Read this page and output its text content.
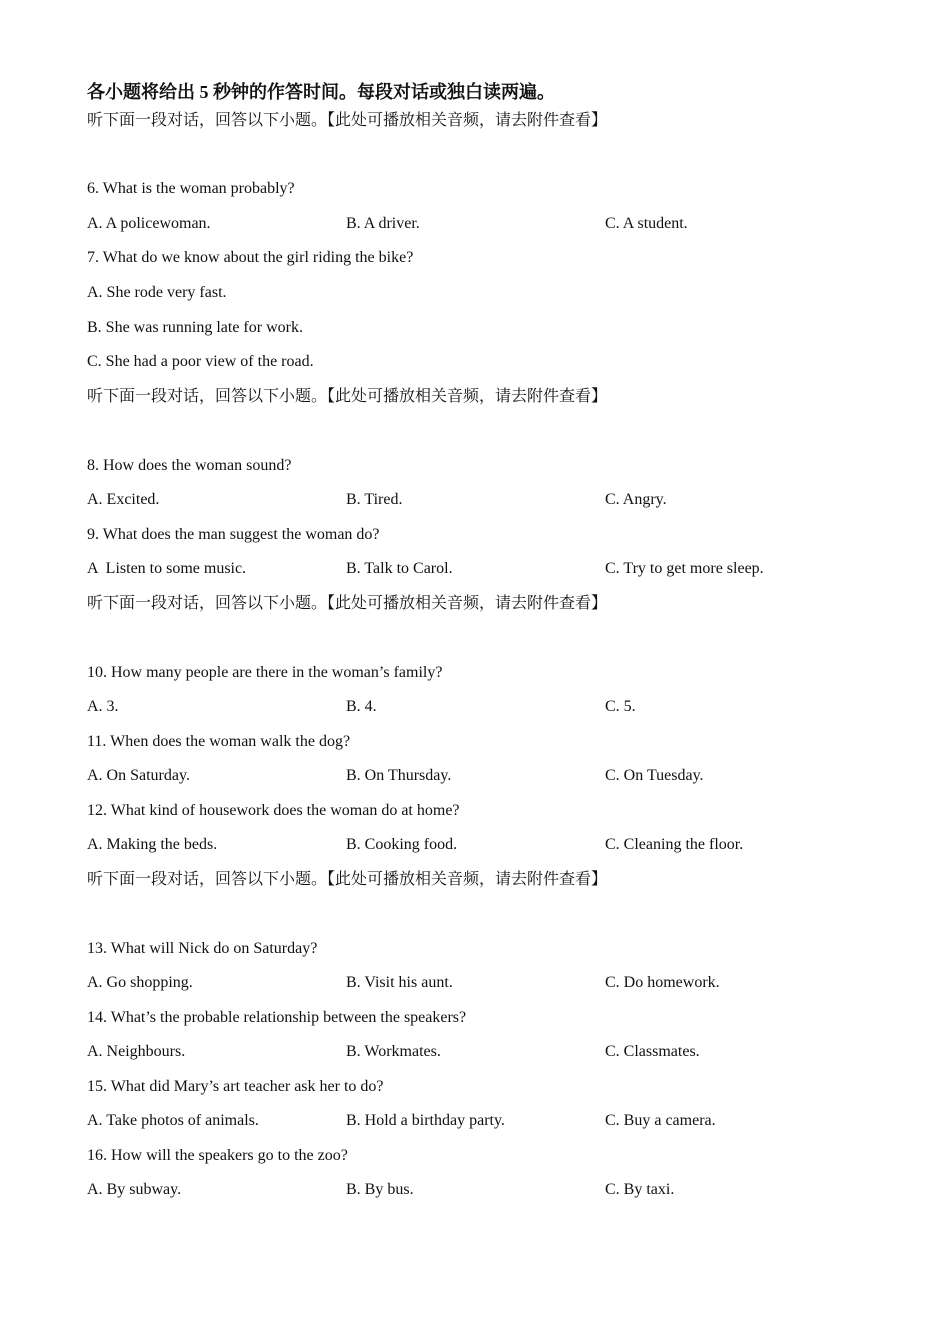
各小题将给出 5 秒钟的作答时间。每段对话或独白读两遍。
听下面一段对话，回答以下小题。【此处可播放相关音频，请去附件查看】
6. What is the woman probably?
A. A policewoman.	B. A driver.	C. A student.
7. What do we know about the girl riding the bike?
A. She rode very fast.
B. She was running late for work.
C. She had a poor view of the road.
听下面一段对话，回答以下小题。【此处可播放相关音频，请去附件查看】
8. How does the woman sound?
A. Excited.	B. Tired.	C. Angry.
9. What does the man suggest the woman do?
A  Listen to some music.	B. Talk to Carol.	C. Try to get more sleep.
听下面一段对话，回答以下小题。【此处可播放相关音频，请去附件查看】
10. How many people are there in the woman’s family?
A. 3.	B. 4.	C. 5.
11. When does the woman walk the dog?
A. On Saturday.	B. On Thursday.	C. On Tuesday.
12. What kind of housework does the woman do at home?
A. Making the beds.	B. Cooking food.	C. Cleaning the floor.
听下面一段对话，回答以下小题。【此处可播放相关音频，请去附件查看】
13. What will Nick do on Saturday?
A. Go shopping.	B. Visit his aunt.	C. Do homework.
14. What’s the probable relationship between the speakers?
A. Neighbours.	B. Workmates.	C. Classmates.
15. What did Mary’s art teacher ask her to do?
A. Take photos of animals.	B. Hold a birthday party.	C. Buy a camera.
16. How will the speakers go to the zoo?
A. By subway.	B. By bus.	C. By taxi.
